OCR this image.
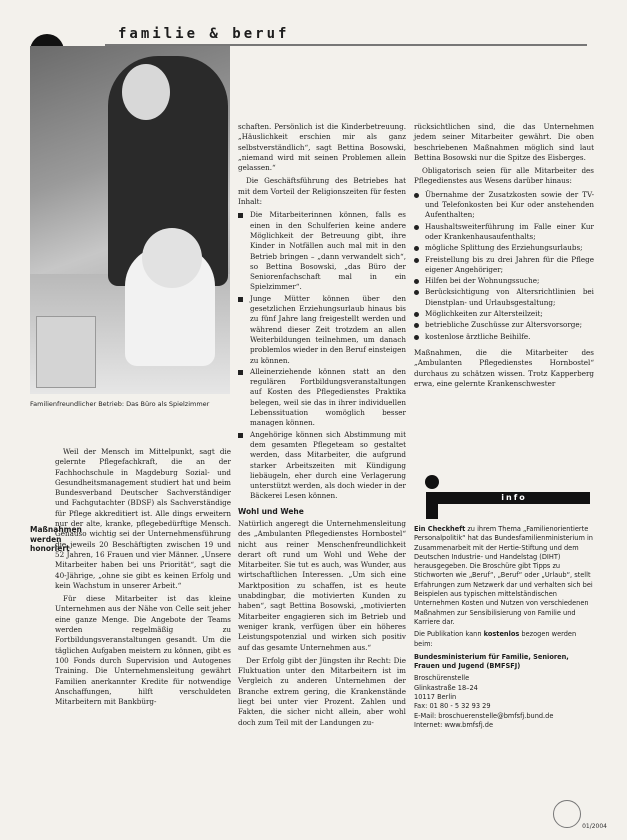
familie & beruf
Familienfreundlicher Betrieb: Das Büro als Spielzimmer
Maßnahmen werden honoriert

Weil der Mensch im Mittelpunkt, sagt die gelernte Pflegefachkraft, die an der Fachhochschule in Magdeburg Sozial- und Gesundheitsmanagement studiert hat und beim Bundesverband Deutscher Sachverständiger und Fachgutachter (BDSF) als Sachverständige für Pflege akkreditiert ist. Alle dings erweitern nur der alte, kranke, pflegebedürftige Mensch. Genauso wichtig sei der Unternehmensführung die jeweils 20 Beschäftigten zwischen 19 und 52 Jahren, 16 Frauen und vier Männer. „Unsere Mitarbeiter haben bei uns Priorität“, sagt die 40-Jährige, „ohne sie gibt es keinen Erfolg und kein Wachstum in unserer Arbeit.“

Für diese Mitarbeiter ist das kleine Unternehmen aus der Nähe von Celle seit jeher eine ganze Menge. Die Angebote der Teams werden regelmäßig zu Fortbildungsveranstaltungen gesandt. Um die täglichen Aufgaben meistern zu können, gibt es 100 Fonds durch Supervision und Autogenes Training. Die Unternehmensleitung gewährt Familien anerkannter Kredite für notwendige Anschaffungen, hilft verschuldeten Mitarbeitern mit Bankbürg-

schaften. Persönlich ist die Kinderbetreuung. „Häuslichkeit erschien mir als ganz selbstverständlich“, sagt Bettina Bosowski, „niemand wird mit seinen Problemen allein gelassen.“

Die Geschäftsführung des Betriebes hat mit dem Vorteil der Religionszeiten für festen Inhalt:

Die Mitarbeiterinnen können, falls es einen in den Schulferien keine andere Möglichkeit der Betreuung gibt, ihre Kinder in Notfällen auch mal mit in den Betrieb bringen – „dann verwandelt sich“, so Bettina Bosowski, „das Büro der Seniorenfachschaft mal in ein Spielzimmer“.
Junge Mütter können über den gesetzlichen Erziehungsurlaub hinaus bis zu fünf Jahre lang freigestellt werden und während dieser Zeit trotzdem an allen Weiterbildungen teilnehmen, um danach problemlos wieder in den Beruf einsteigen zu können.
Alleinerziehende können statt an den regulären Fortbildungsveranstaltungen auf Kosten des Pflegedienstes Praktika belegen, weil sie das in ihrer individuellen Lebenssituation womöglich besser managen können.
Angehörige können sich Abstimmung mit dem gesamten Pflegeteam so gestaltet werden, dass Mitarbeiter, die aufgrund starker Arbeitszeiten mit Kündigung liebäugeln, eher durch eine Verlagerung unterstützt werden, als doch wieder in der Bäckerei Lesen können.
Wohl und Wehe

Natürlich angeregt die Unternehmensleitung des „Ambulanten Pflegedienstes Hornbostel“ nicht aus reiner Menschenfreundlichkeit derart oft rund um Wohl und Wehe der Mitarbeiter. Sie tut es auch, was Wunder, aus wirtschaftlichen Interessen. „Um sich eine Marktposition zu schaffen, ist es heute unabdingbar, die motivierten Kunden zu haben“, sagt Bettina Bosowski, „motivierten Mitarbeiter engagieren sich im Betrieb und weniger krank, verfügen über ein höheres Leistungspotenzial und wirken sich positiv auf das gesamte Unternehmen aus.“

Der Erfolg gibt der Jüngsten ihr Recht: Die Fluktuation unter den Mitarbeitern ist im Vergleich zu anderen Unternehmen der Branche extrem gering, die Krankenstände liegt bei unter vier Prozent. Zahlen und Fakten, die sicher nicht allein, aber wohl doch zum Teil mit der Landungen zu-

rücksichtlichen sind, die das Unternehmen jedem seiner Mitarbeiter gewährt. Die oben beschriebenen Maßnahmen möglich sind laut Bettina Bosowski nur die Spitze des Eisberges.

Obligatorisch seien für alle Mitarbeiter des Pflegedienstes aus Wesens darüber hinaus:

Übernahme der Zusatzkosten sowie der TV- und Telefonkosten bei Kur oder anstehenden Aufenthalten;
Haushaltsweiterführung im Falle einer Kur oder Krankenhausaufenthalts;
mögliche Splittung des Erziehungsurlaubs;
Freistellung bis zu drei Jahren für die Pflege eigener Angehöriger;
Hilfen bei der Wohnungssuche;
Berücksichtigung von Altersrichtlinien bei Dienstplan- und Urlaubsgestaltung;
Möglichkeiten zur Altersteilzeit;
betriebliche Zuschüsse zur Altersvorsorge;
kostenlose ärztliche Beihilfe.

Maßnahmen, die die Mitarbeiter des „Ambulanten Pflegedienstes Hornbostel“ durchaus zu schätzen wissen. Trotz Kapperberg erwa, eine gelernte Krankenschwester

info

Ein Checkheft zu ihrem Thema „Familienorientierte Personalpolitik“ hat das Bundesfamilienministerium in Zusammenarbeit mit der Hertie-Stiftung und dem Deutschen Industrie- und Handelstag (DIHT) herausgegeben. Die Broschüre gibt Tipps zu Stichworten wie „Beruf“, „Beruf“ oder „Urlaub“, stellt Erfahrungen zum Netzwerk dar und verhalten sich bei Beispielen aus typischen mittelständischen Unternehmen Kosten und Nutzen von verschiedenen Maßnahmen zur Sensibilisierung von Familie und Karriere dar.

Die Publikation kann kostenlos bezogen werden beim:

Bundesministerium für Familie, Senioren, Frauen und Jugend (BMFSFJ)

Broschürenstelle
Glinkastraße 18–24
10117 Berlin
Fax: 01 80 - 5 32 93 29
E-Mail: broschuerenstelle@bmfsfj.bund.de
Internet: www.bmfsfj.de
01/2004
